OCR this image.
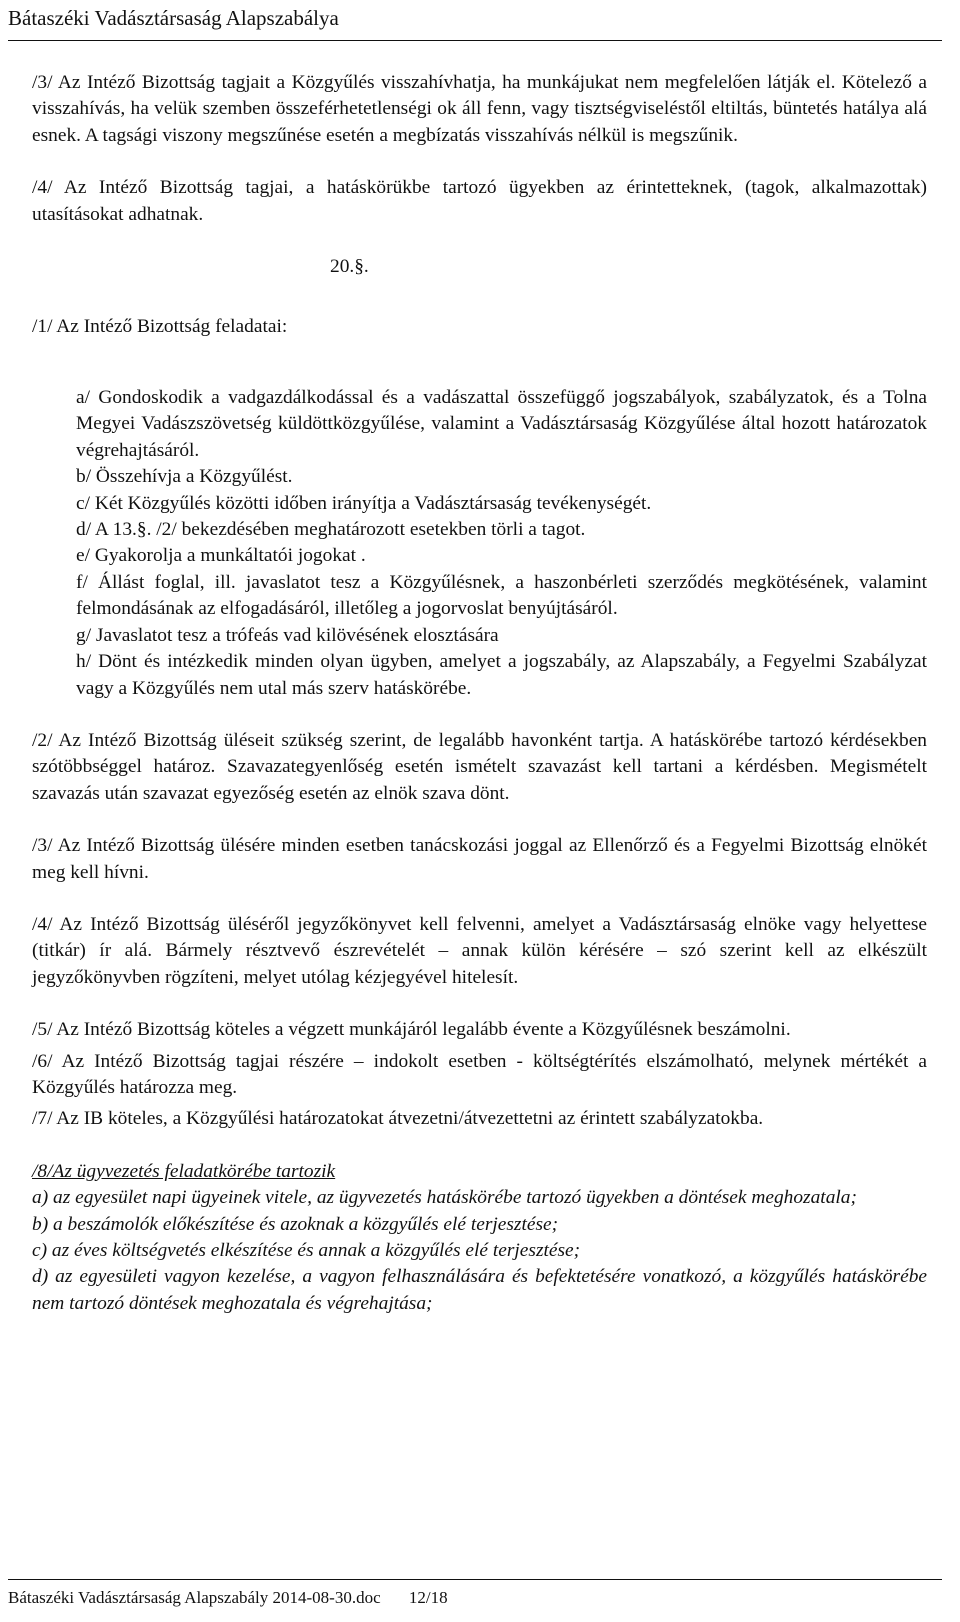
Bátaszéki Vadásztársaság Alapszabálya

/3/ Az Intéző Bizottság tagjait a Közgyűlés visszahívhatja, ha munkájukat nem megfelelően látják el. Kötelező a visszahívás, ha velük szemben összeférhetetlenségi ok áll fenn, vagy tisztségviseléstől eltiltás, büntetés hatálya alá esnek. A tagsági viszony megszűnése esetén a megbízatás visszahívás nélkül is megszűnik.

/4/ Az Intéző Bizottság tagjai, a hatáskörükbe tartozó ügyekben az érintetteknek, (tagok, alkalmazottak) utasításokat adhatnak.

20.§.

/1/ Az Intéző Bizottság feladatai:

a/ Gondoskodik a vadgazdálkodással és a vadászattal összefüggő jogszabályok, szabályzatok, és a Tolna Megyei Vadászszövetség küldöttközgyűlése, valamint a Vadásztársaság Közgyűlése által hozott határozatok végrehajtásáról.

b/ Összehívja a Közgyűlést.

c/ Két Közgyűlés közötti időben irányítja a Vadásztársaság tevékenységét.

d/ A 13.§. /2/ bekezdésében meghatározott esetekben törli a tagot.

e/ Gyakorolja a munkáltatói jogokat .

f/ Állást foglal, ill. javaslatot tesz a Közgyűlésnek, a haszonbérleti szerződés megkötésének, valamint felmondásának az elfogadásáról, illetőleg a jogorvoslat benyújtásáról.

g/ Javaslatot tesz a trófeás vad kilövésének elosztására

h/ Dönt és intézkedik minden olyan ügyben, amelyet a jogszabály, az Alapszabály, a Fegyelmi Szabályzat vagy a Közgyűlés nem utal más szerv hatáskörébe.

/2/ Az Intéző Bizottság üléseit szükség szerint, de legalább havonként tartja. A hatáskörébe tartozó kérdésekben szótöbbséggel határoz. Szavazategyenlőség esetén ismételt szavazást kell tartani a kérdésben. Megismételt szavazás után szavazat egyezőség esetén az elnök szava dönt.

/3/ Az Intéző Bizottság ülésére minden esetben tanácskozási joggal az Ellenőrző és a Fegyelmi Bizottság elnökét meg kell hívni.

/4/ Az Intéző Bizottság üléséről jegyzőkönyvet kell felvenni, amelyet a Vadásztársaság elnöke vagy helyettese (titkár) ír alá. Bármely résztvevő észrevételét – annak külön kérésére – szó szerint kell az elkészült jegyzőkönyvben rögzíteni, melyet utólag kézjegyével hitelesít.

/5/ Az Intéző Bizottság köteles a végzett munkájáról legalább évente a Közgyűlésnek beszámolni.

/6/ Az Intéző Bizottság tagjai részére – indokolt esetben - költségtérítés elszámolható, melynek mértékét a Közgyűlés határozza meg.

/7/ Az IB köteles, a Közgyűlési határozatokat átvezetni/átvezettetni az érintett szabályzatokba.

/8/Az ügyvezetés feladatkörébe tartozik

a) az egyesület napi ügyeinek vitele, az ügyvezetés hatáskörébe tartozó ügyekben a döntések meghozatala;

b) a beszámolók előkészítése és azoknak a közgyűlés elé terjesztése;

c) az éves költségvetés elkészítése és annak a közgyűlés elé terjesztése;

d) az egyesületi vagyon kezelése, a vagyon felhasználására és befektetésére vonatkozó, a közgyűlés hatáskörébe nem tartozó döntések meghozatala és végrehajtása;

Bátaszéki Vadásztársaság Alapszabály 2014-08-30.doc 12/18
